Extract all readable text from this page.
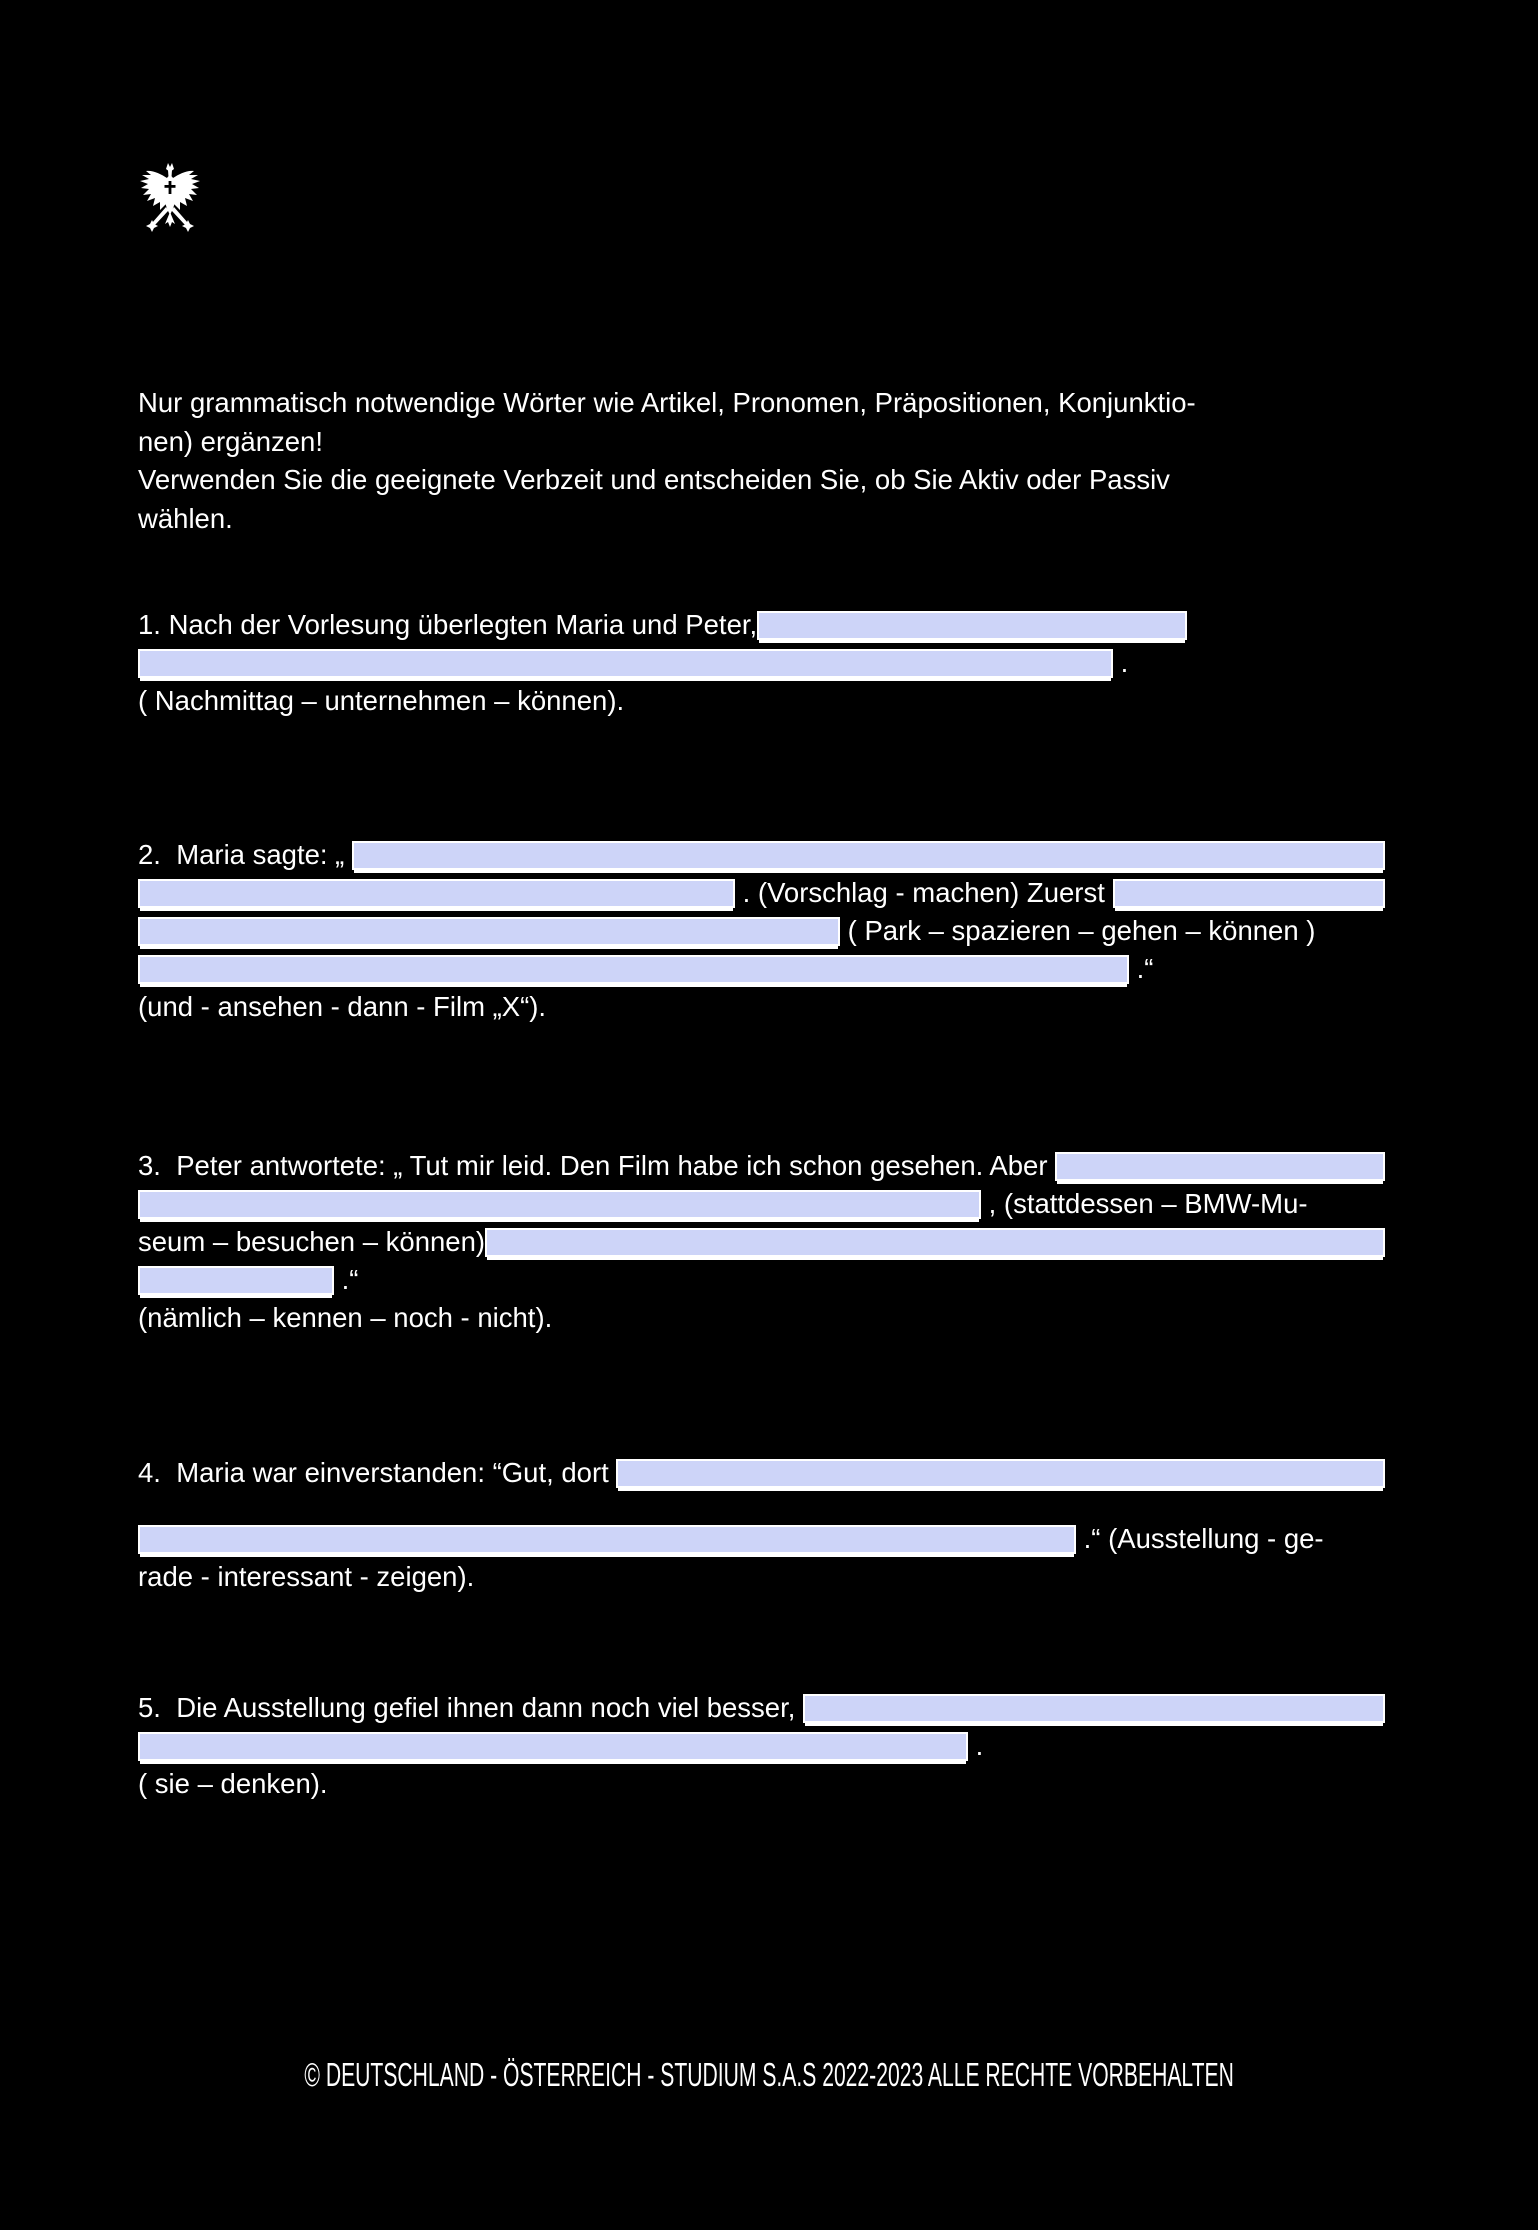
Nur grammatisch notwendige Wörter wie Artikel, Pronomen, Präpositionen, Konjunktio-
nen) ergänzen!
Verwenden Sie die geeignete Verbzeit und entscheiden Sie, ob Sie Aktiv oder Passiv
wählen.
1. Nach der Vorlesung überlegten Maria und Peter,
.
( Nachmittag – unternehmen – können).
2.  Maria sagte: „
. (Vorschlag - machen) Zuerst
( Park – spazieren – gehen – können )
.“
(und - ansehen - dann - Film „X“).
3.  Peter antwortete: „ Tut mir leid. Den Film habe ich schon gesehen. Aber
, (stattdessen – BMW-Mu-
seum – besuchen – können)
.“
(nämlich – kennen – noch - nicht).
4.  Maria war einverstanden: “Gut, dort
.“ (Ausstellung - ge-
rade - interessant - zeigen).
5.  Die Ausstellung gefiel ihnen dann noch viel besser,
.
( sie – denken).
© DEUTSCHLAND - ÖSTERREICH - STUDIUM S.A.S 2022-2023 ALLE RECHTE VORBEHALTEN
